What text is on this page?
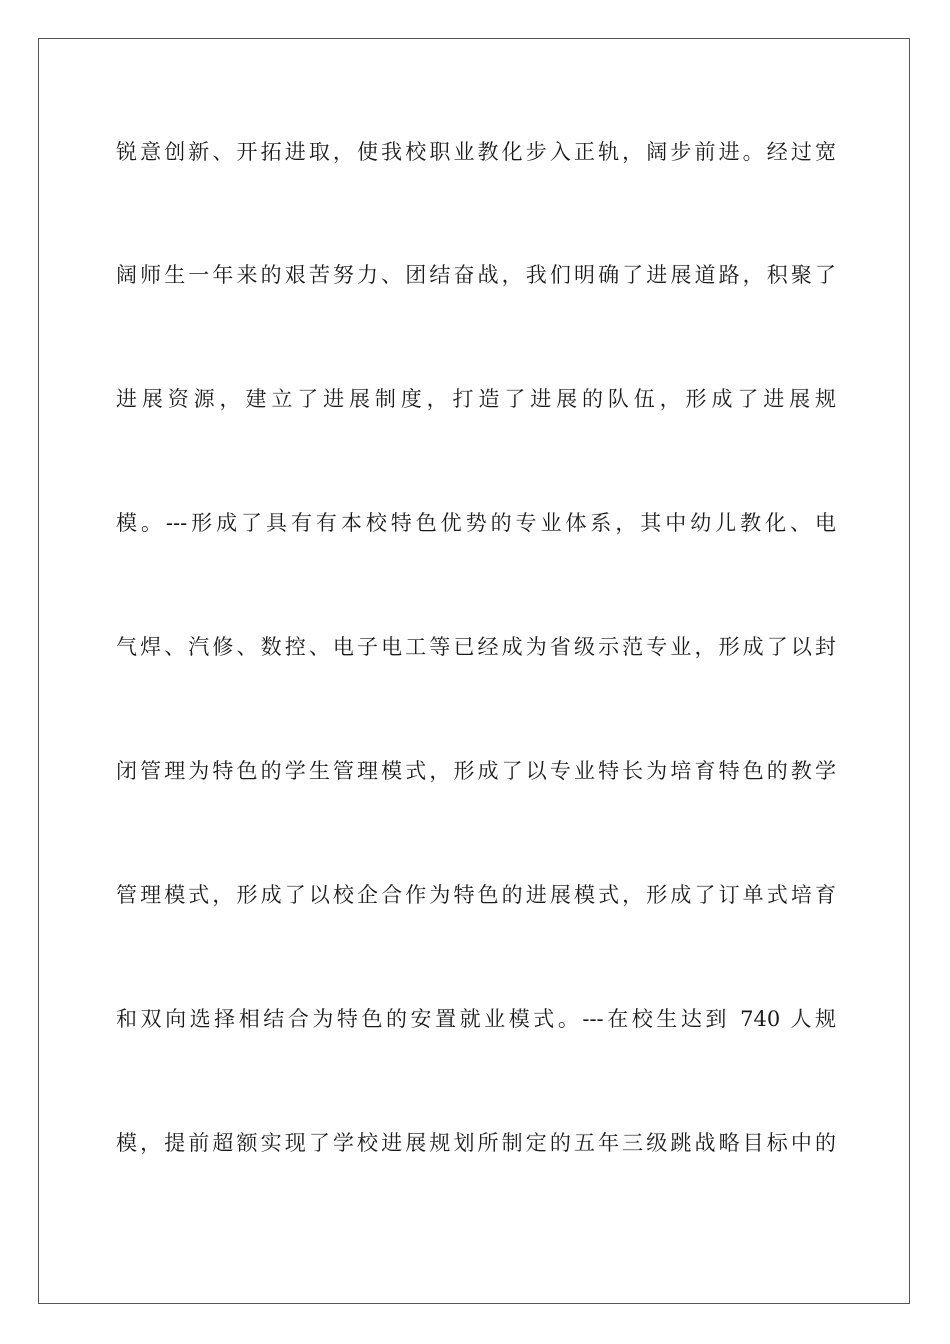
锐意创新、开拓进取，使我校职业教化步入正轨，阔步前进。经过宽
阔师生一年来的艰苦努力、团结奋战，我们明确了进展道路，积聚了
进展资源，建立了进展制度，打造了进展的队伍，形成了进展规
模。---形成了具有有本校特色优势的专业体系，其中幼儿教化、电
气焊、汽修、数控、电子电工等已经成为省级示范专业，形成了以封
闭管理为特色的学生管理模式，形成了以专业特长为培育特色的教学
管理模式，形成了以校企合作为特色的进展模式，形成了订单式培育
和双向选择相结合为特色的安置就业模式。---在校生达到 740 人规
模，提前超额实现了学校进展规划所制定的五年三级跳战略目标中的
